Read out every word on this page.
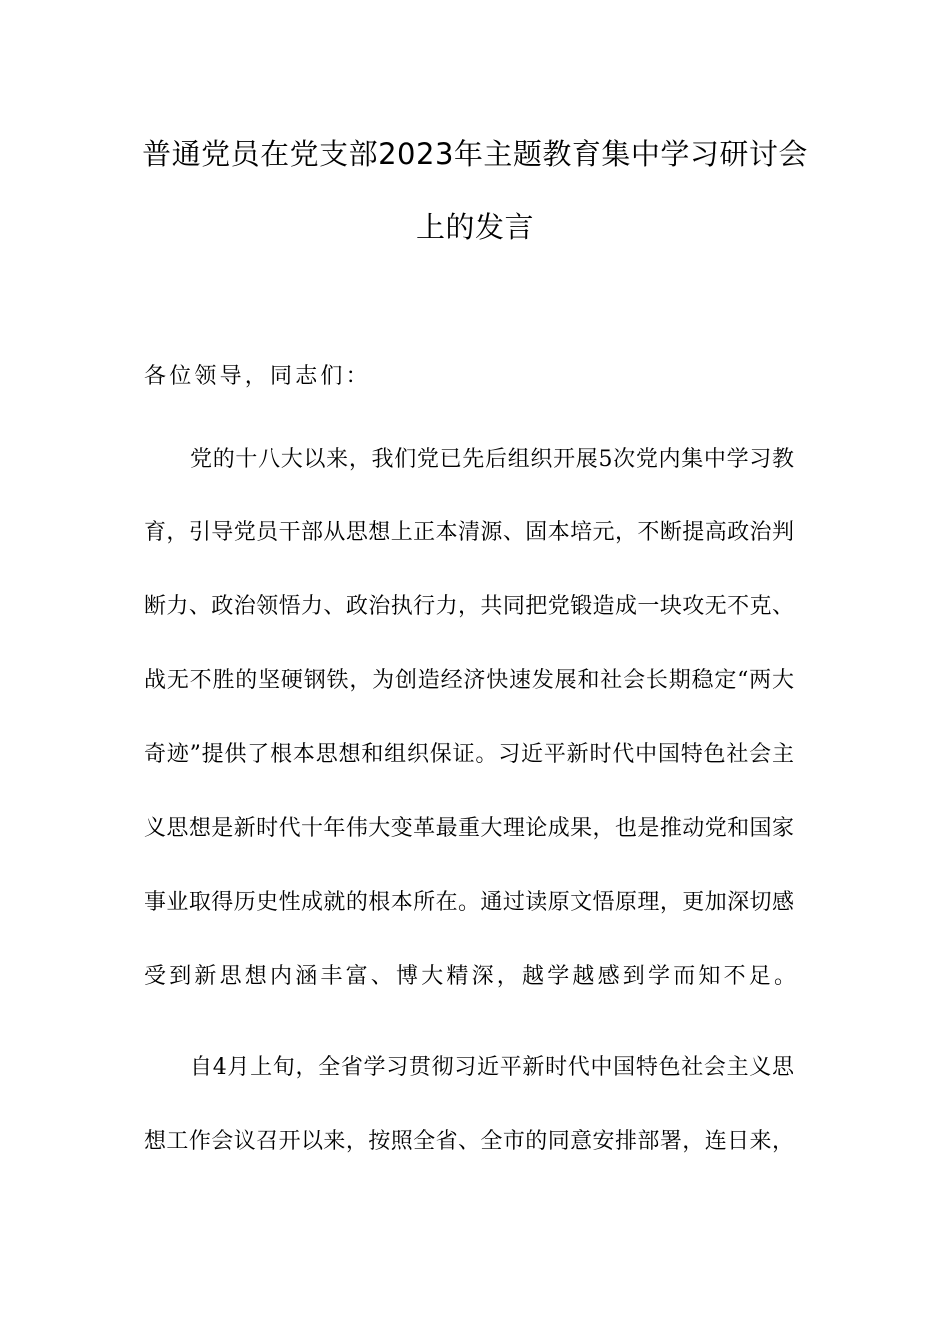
普通党员在党支部2023年主题教育集中学习研讨会
上的发言
各位领导，同志们：
党的十八大以来，我们党已先后组织开展5次党内集中学习教
育，引导党员干部从思想上正本清源、固本培元，不断提高政治判
断力、政治领悟力、政治执行力，共同把党锻造成一块攻无不克、
战无不胜的坚硬钢铁，为创造经济快速发展和社会长期稳定“两大
奇迹”提供了根本思想和组织保证。习近平新时代中国特色社会主
义思想是新时代十年伟大变革最重大理论成果，也是推动党和国家
事业取得历史性成就的根本所在。通过读原文悟原理，更加深切感
受到新思想内涵丰富、博大精深，越学越感到学而知不足。
自4月上旬，全省学习贯彻习近平新时代中国特色社会主义思
想工作会议召开以来，按照全省、全市的同意安排部署，连日来，
